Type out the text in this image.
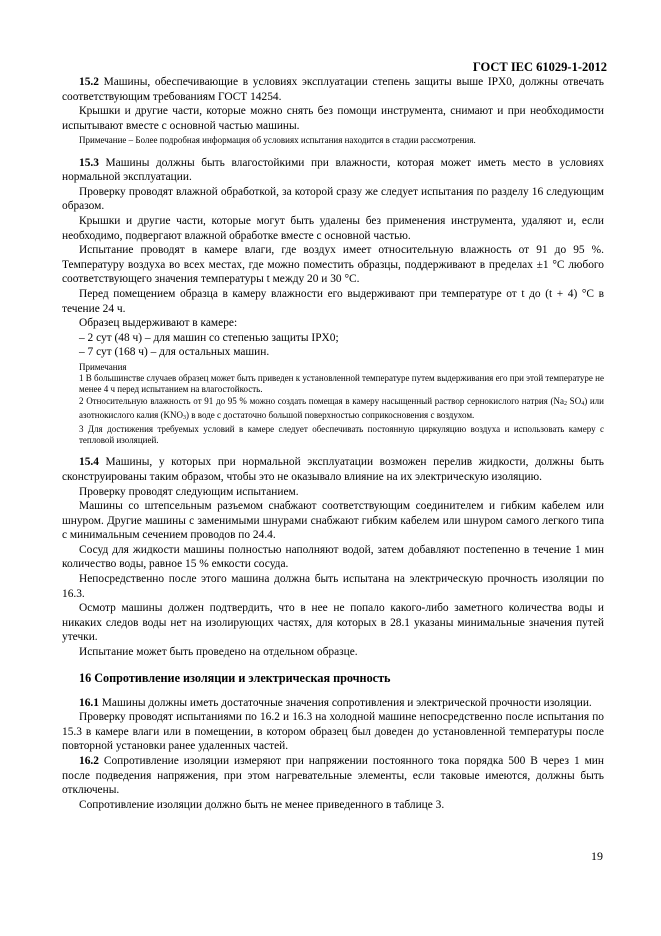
ГОСТ IEC 61029-1-2012

15.2 Машины, обеспечивающие в условиях эксплуатации степень защиты выше IPX0, должны отвечать соответствующим требованиям ГОСТ 14254.

Крышки и другие части, которые можно снять без помощи инструмента, снимают и при необходимости испытывают вместе с основной частью машины.

Примечание – Более подробная информация об условиях испытания находится в стадии рассмотрения.

15.3 Машины должны быть влагостойкими при влажности, которая может иметь место в условиях нормальной эксплуатации.

Проверку проводят влажной обработкой, за которой сразу же следует испытания по разделу 16 следующим образом.

Крышки и другие части, которые могут быть удалены без применения инструмента, удаляют и, если необходимо, подвергают влажной обработке вместе с основной частью.

Испытание проводят в камере влаги, где воздух имеет относительную влажность от 91 до 95 %. Температуру воздуха во всех местах, где можно поместить образцы, поддерживают в пределах ±1 °С любого соответствующего значения температуры t между 20 и 30 °С.

Перед помещением образца в камеру влажности его выдерживают при температуре от t до (t + 4) °С в течение 24 ч.

Образец выдерживают в камере:

– 2 сут (48 ч) – для машин со степенью защиты IPX0;

– 7 сут (168 ч) – для остальных машин.

Примечания

1 В большинстве случаев образец может быть приведен к установленной температуре путем выдерживания его при этой температуре не менее 4 ч перед испытанием на влагостойкость.

2 Относительную влажность от 91 до 95 % можно создать помещая в камеру насыщенный раствор сернокислого натрия ($Na_2$ $SO_4$) или азотнокислого калия $(KNO_3)$ в воде с достаточно большой поверхностью соприкосновения с воздухом.

3 Для достижения требуемых условий в камере следует обеспечивать постоянную циркуляцию воздуха и использовать камеру с тепловой изоляцией.

15.4 Машины, у которых при нормальной эксплуатации возможен перелив жидкости, должны быть сконструированы таким образом, чтобы это не оказывало влияние на их электрическую изоляцию.

Проверку проводят следующим испытанием.

Машины со штепсельным разъемом снабжают соответствующим соединителем и гибким кабелем или шнуром. Другие машины с заменимыми шнурами снабжают гибким кабелем или шнуром самого легкого типа с минимальным сечением проводов по 24.4.

Сосуд для жидкости машины полностью наполняют водой, затем добавляют постепенно в течение 1 мин количество воды, равное 15 % емкости сосуда.

Непосредственно после этого машина должна быть испытана на электрическую прочность изоляции по 16.3.

Осмотр машины должен подтвердить, что в нее не попало какого-либо заметного количества воды и никаких следов воды нет на изолирующих частях, для которых в 28.1 указаны минимальные значения путей утечки.

Испытание может быть проведено на отдельном образце.

16 Сопротивление изоляции и электрическая прочность

16.1 Машины должны иметь достаточные значения сопротивления и электрической прочности изоляции.

Проверку проводят испытаниями по 16.2 и 16.3 на холодной машине непосредственно после испытания по 15.3 в камере влаги или в помещении, в котором образец был доведен до установленной температуры после повторной установки ранее удаленных частей.

16.2 Сопротивление изоляции измеряют при напряжении постоянного тока порядка 500 В через 1 мин после подведения напряжения, при этом нагревательные элементы, если таковые имеются, должны быть отключены.

Сопротивление изоляции должно быть не менее приведенного в таблице 3.

19
